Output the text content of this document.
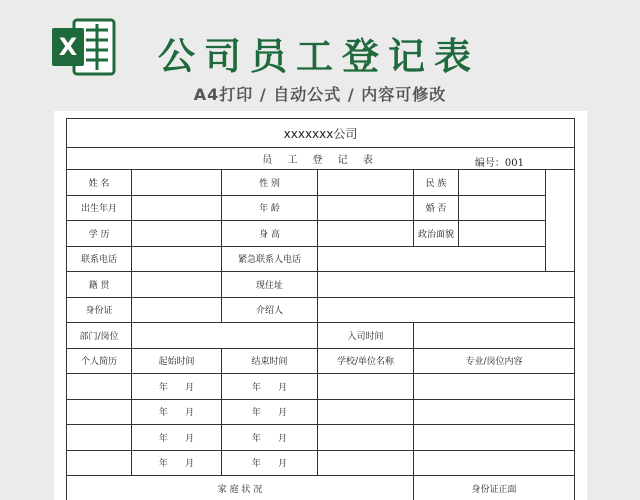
X 公司员工登记表
A4打印 / 自动公式 / 内容可修改
xxxxxxx公司						
员 工 登 记 表 编号：001						

姓 名		性 别		民 族		
出生年月		年 龄		婚 否		
学 历		身 高		政治面貌		
联系电话		紧急联系人电话				
籍 贯		现住址				
身份证		介绍人				
部门/岗位			入司时间			
个人简历	起始时间	结束时间	学校/单位名称	专业/岗位内容		
	年 月	年 月				
	年 月	年 月				
	年 月	年 月				
	年 月	年 月				
家 庭 状 况				身份证正面		
